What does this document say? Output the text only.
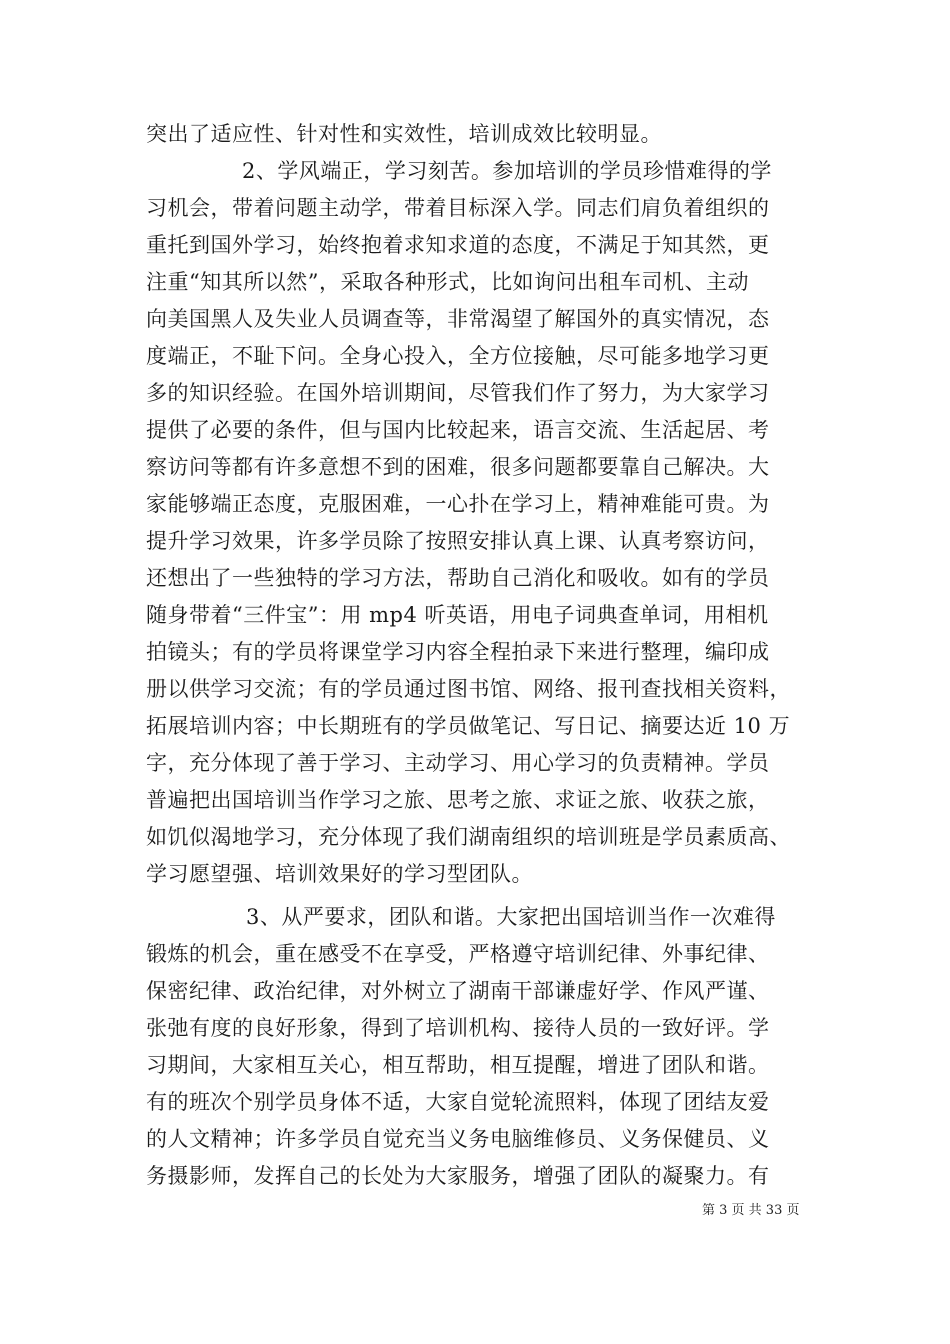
突出了适应性、针对性和实效性，培训成效比较明显。
2、学风端正，学习刻苦。参加培训的学员珍惜难得的学
习机会，带着问题主动学，带着目标深入学。同志们肩负着组织的
重托到国外学习，始终抱着求知求道的态度，不满足于知其然，更
注重“知其所以然”，采取各种形式，比如询问出租车司机、主动
向美国黑人及失业人员调查等，非常渴望了解国外的真实情况，态
度端正，不耻下问。全身心投入，全方位接触，尽可能多地学习更
多的知识经验。在国外培训期间，尽管我们作了努力，为大家学习
提供了必要的条件，但与国内比较起来，语言交流、生活起居、考
察访问等都有许多意想不到的困难，很多问题都要靠自己解决。大
家能够端正态度，克服困难，一心扑在学习上，精神难能可贵。为
提升学习效果，许多学员除了按照安排认真上课、认真考察访问，
还想出了一些独特的学习方法，帮助自己消化和吸收。如有的学员
随身带着“三件宝”：用 mp4 听英语，用电子词典查单词，用相机
拍镜头；有的学员将课堂学习内容全程拍录下来进行整理，编印成
册以供学习交流；有的学员通过图书馆、网络、报刊查找相关资料，
拓展培训内容；中长期班有的学员做笔记、写日记、摘要达近 10 万
字，充分体现了善于学习、主动学习、用心学习的负责精神。学员
普遍把出国培训当作学习之旅、思考之旅、求证之旅、收获之旅，
如饥似渴地学习，充分体现了我们湖南组织的培训班是学员素质高、
学习愿望强、培训效果好的学习型团队。
3、从严要求，团队和谐。大家把出国培训当作一次难得
锻炼的机会，重在感受不在享受，严格遵守培训纪律、外事纪律、
保密纪律、政治纪律，对外树立了湖南干部谦虚好学、作风严谨、
张弛有度的良好形象，得到了培训机构、接待人员的一致好评。学
习期间，大家相互关心，相互帮助，相互提醒，增进了团队和谐。
有的班次个别学员身体不适，大家自觉轮流照料，体现了团结友爱
的人文精神；许多学员自觉充当义务电脑维修员、义务保健员、义
务摄影师，发挥自己的长处为大家服务，增强了团队的凝聚力。有
第 3 页 共 33 页
